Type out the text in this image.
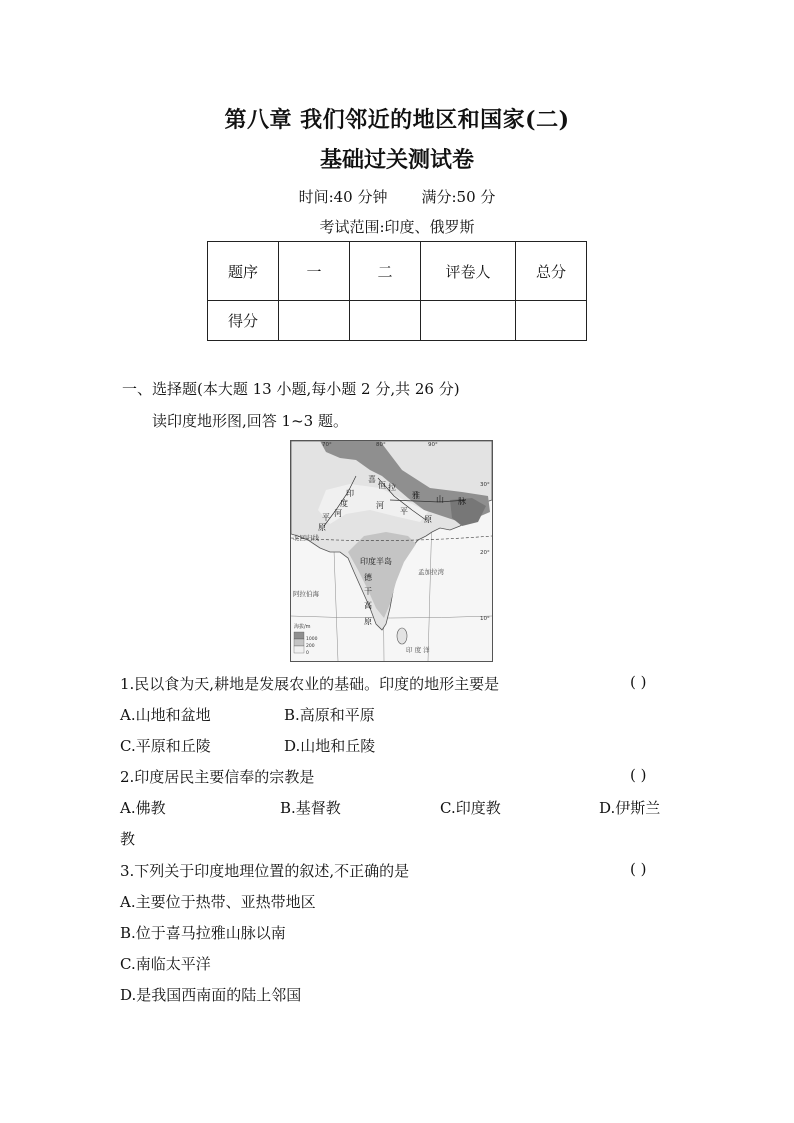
第八章 我们邻近的地区和国家(二)
基础过关测试卷
时间:40 分钟 满分:50 分
考试范围:印度、俄罗斯
题序	一	二	评卷人	总分
得分				
一、选择题(本大题 13 小题,每小题 2 分,共 26 分)
读印度地形图,回答 1~3 题。
70°	80°	90°
30°
20°
10°
印
度
河
平
原
恒
河
平
原
喜
拉
雅 山 脉
印度半岛
德
干
高
原
北回归线
阿拉伯海
孟加拉湾
印 度 洋
海拔/m
1000
200
0
1.民以食为天,耕地是发展农业的基础。印度的地形主要是	( )
A.山地和盆地	B.高原和平原
C.平原和丘陵	D.山地和丘陵
2.印度居民主要信奉的宗教是	( )
A.佛教	B.基督教	C.印度教	D.伊斯兰
教
3.下列关于印度地理位置的叙述,不正确的是	( )
A.主要位于热带、亚热带地区
B.位于喜马拉雅山脉以南
C.南临太平洋
D.是我国西南面的陆上邻国
